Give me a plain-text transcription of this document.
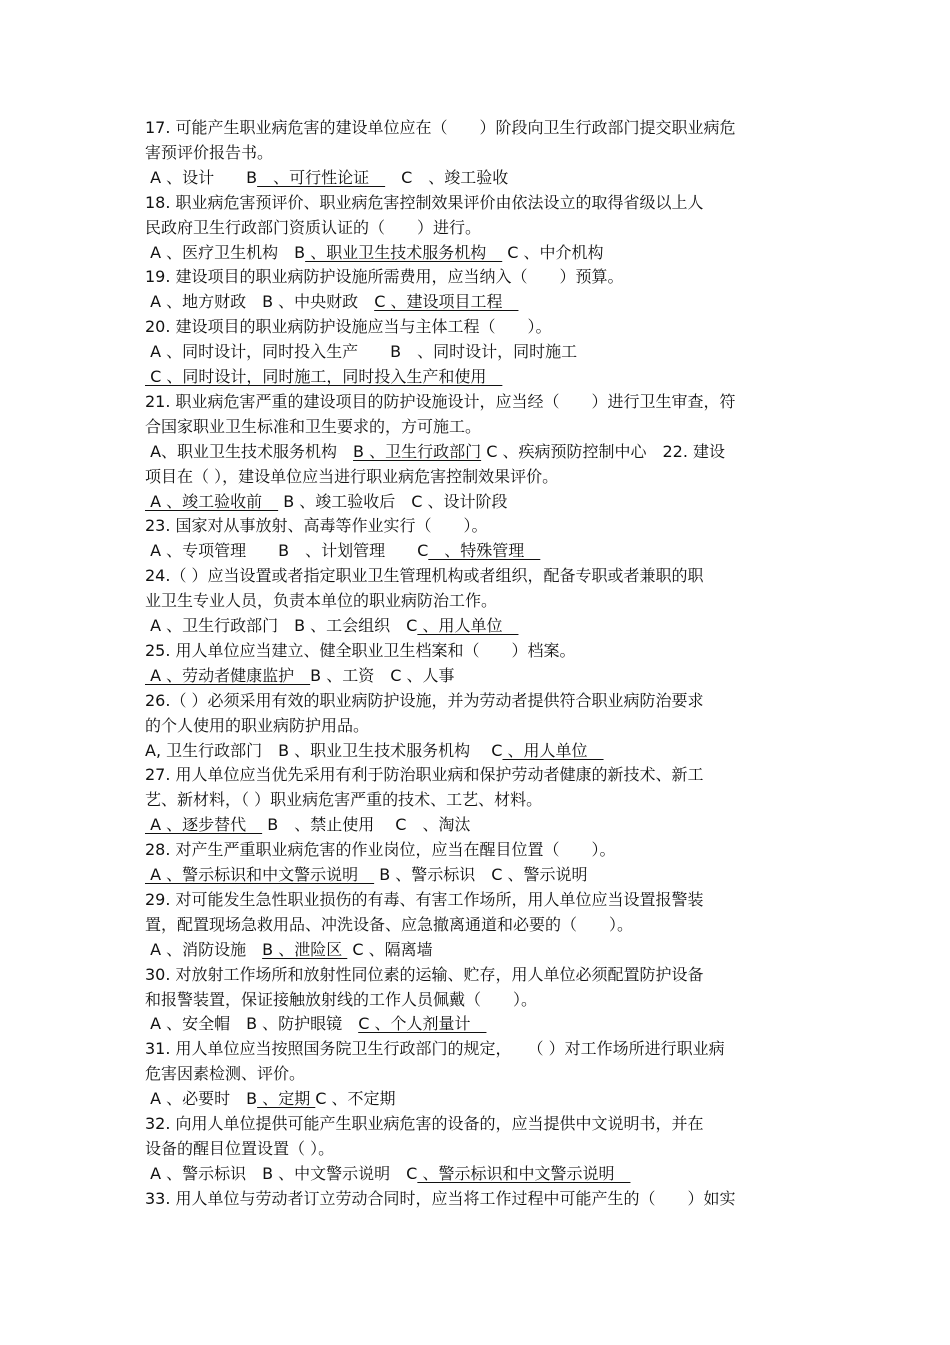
17. 可能产生职业病危害的建设单位应在（　　）阶段向卫生行政部门提交职业病危
害预评价报告书。
A 、设计　　B　、可行性论证　　C　、竣工验收
18. 职业病危害预评价、职业病危害控制效果评价由依法设立的取得省级以上人
民政府卫生行政部门资质认证的（　　）进行。
A 、医疗卫生机构　B 、职业卫生技术服务机构　 C 、中介机构
19. 建设项目的职业病防护设施所需费用，应当纳入（　　）预算。
A 、地方财政　B 、中央财政　C 、建设项目工程　
20. 建设项目的职业病防护设施应当与主体工程（　　）。
A 、同时设计，同时投入生产　　B　、同时设计，同时施工
C 、同时设计，同时施工，同时投入生产和使用　
21. 职业病危害严重的建设项目的防护设施设计，应当经（　　）进行卫生审查，符
合国家职业卫生标准和卫生要求的，方可施工。
A、职业卫生技术服务机构　B 、卫生行政部门 C 、疾病预防控制中心　22. 建设
项目在（ ），建设单位应当进行职业病危害控制效果评价。
A 、竣工验收前　 B 、竣工验收后　C 、设计阶段
23. 国家对从事放射、高毒等作业实行（　　）。
A 、专项管理　　B　、计划管理　　C　、特殊管理　
24.（ ）应当设置或者指定职业卫生管理机构或者组织，配备专职或者兼职的职
业卫生专业人员，负责本单位的职业病防治工作。
A 、卫生行政部门　B 、工会组织　C 、用人单位　
25. 用人单位应当建立、健全职业卫生档案和（　　）档案。
A 、劳动者健康监护　B 、工资　C 、人事
26.（ ）必须采用有效的职业病防护设施，并为劳动者提供符合职业病防治要求
的个人使用的职业病防护用品。
A, 卫生行政部门　B 、职业卫生技术服务机构　 C 、用人单位　
27. 用人单位应当优先采用有利于防治职业病和保护劳动者健康的新技术、新工
艺、新材料，（ ）职业病危害严重的技术、工艺、材料。
A 、逐步替代　 B　、禁止使用　 C　、淘汰
28. 对产生严重职业病危害的作业岗位，应当在醒目位置（　　）。
A 、警示标识和中文警示说明　 B 、警示标识　C 、警示说明
29. 对可能发生急性职业损伤的有毒、有害工作场所，用人单位应当设置报警装
置，配置现场急救用品、冲洗设备、应急撤离通道和必要的（　　）。
A 、消防设施　B 、泄险区  C 、隔离墙
30. 对放射工作场所和放射性同位素的运输、贮存，用人单位必须配置防护设备
和报警装置，保证接触放射线的工作人员佩戴（　　）。
A 、安全帽　B 、防护眼镜　C 、个人剂量计　
31. 用人单位应当按照国务院卫生行政部门的规定，　　（ ）对工作场所进行职业病
危害因素检测、评价。
A 、必要时　B 、定期 C 、不定期
32. 向用人单位提供可能产生职业病危害的设备的，应当提供中文说明书，并在
设备的醒目位置设置（ ）。
A 、警示标识　B 、中文警示说明　C 、警示标识和中文警示说明　
33. 用人单位与劳动者订立劳动合同时，应当将工作过程中可能产生的（　　）如实
